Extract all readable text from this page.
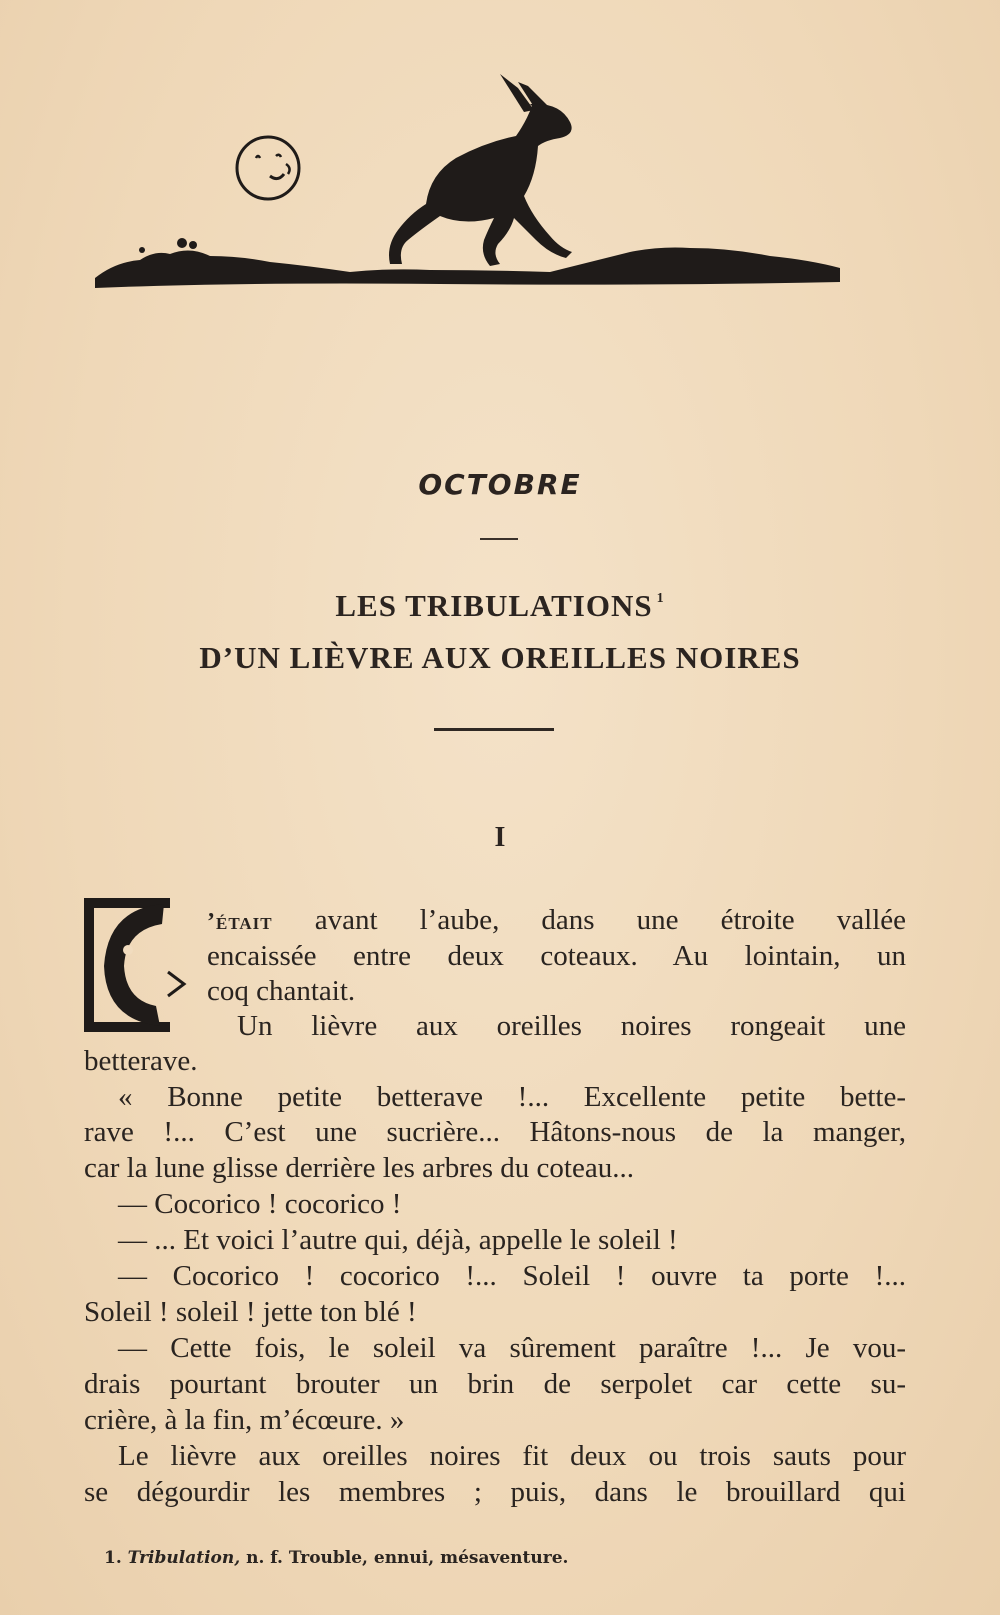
OCTOBRE
LES TRIBULATIONS $^1$
D’UN LIÈVRE AUX OREILLES NOIRES
I
’était avant l’aube, dans une étroite vallée
encaissée entre deux coteaux. Au lointain, un
coq chantait.
Un lièvre aux oreilles noires rongeait une
betterave.
« Bonne petite betterave !... Excellente petite bette-
rave !... C’est une sucrière... Hâtons-nous de la manger,
car la lune glisse derrière les arbres du coteau...
— Cocorico ! cocorico !
— ... Et voici l’autre qui, déjà, appelle le soleil !
— Cocorico ! cocorico !... Soleil ! ouvre ta porte !...
Soleil ! soleil ! jette ton blé !
— Cette fois, le soleil va sûrement paraître !... Je vou-
drais pourtant brouter un brin de serpolet car cette su-
crière, à la fin, m’écœure. »
Le lièvre aux oreilles noires fit deux ou trois sauts pour
se dégourdir les membres ; puis, dans le brouillard qui
1. Tribulation, n. f. Trouble, ennui, mésaventure.
